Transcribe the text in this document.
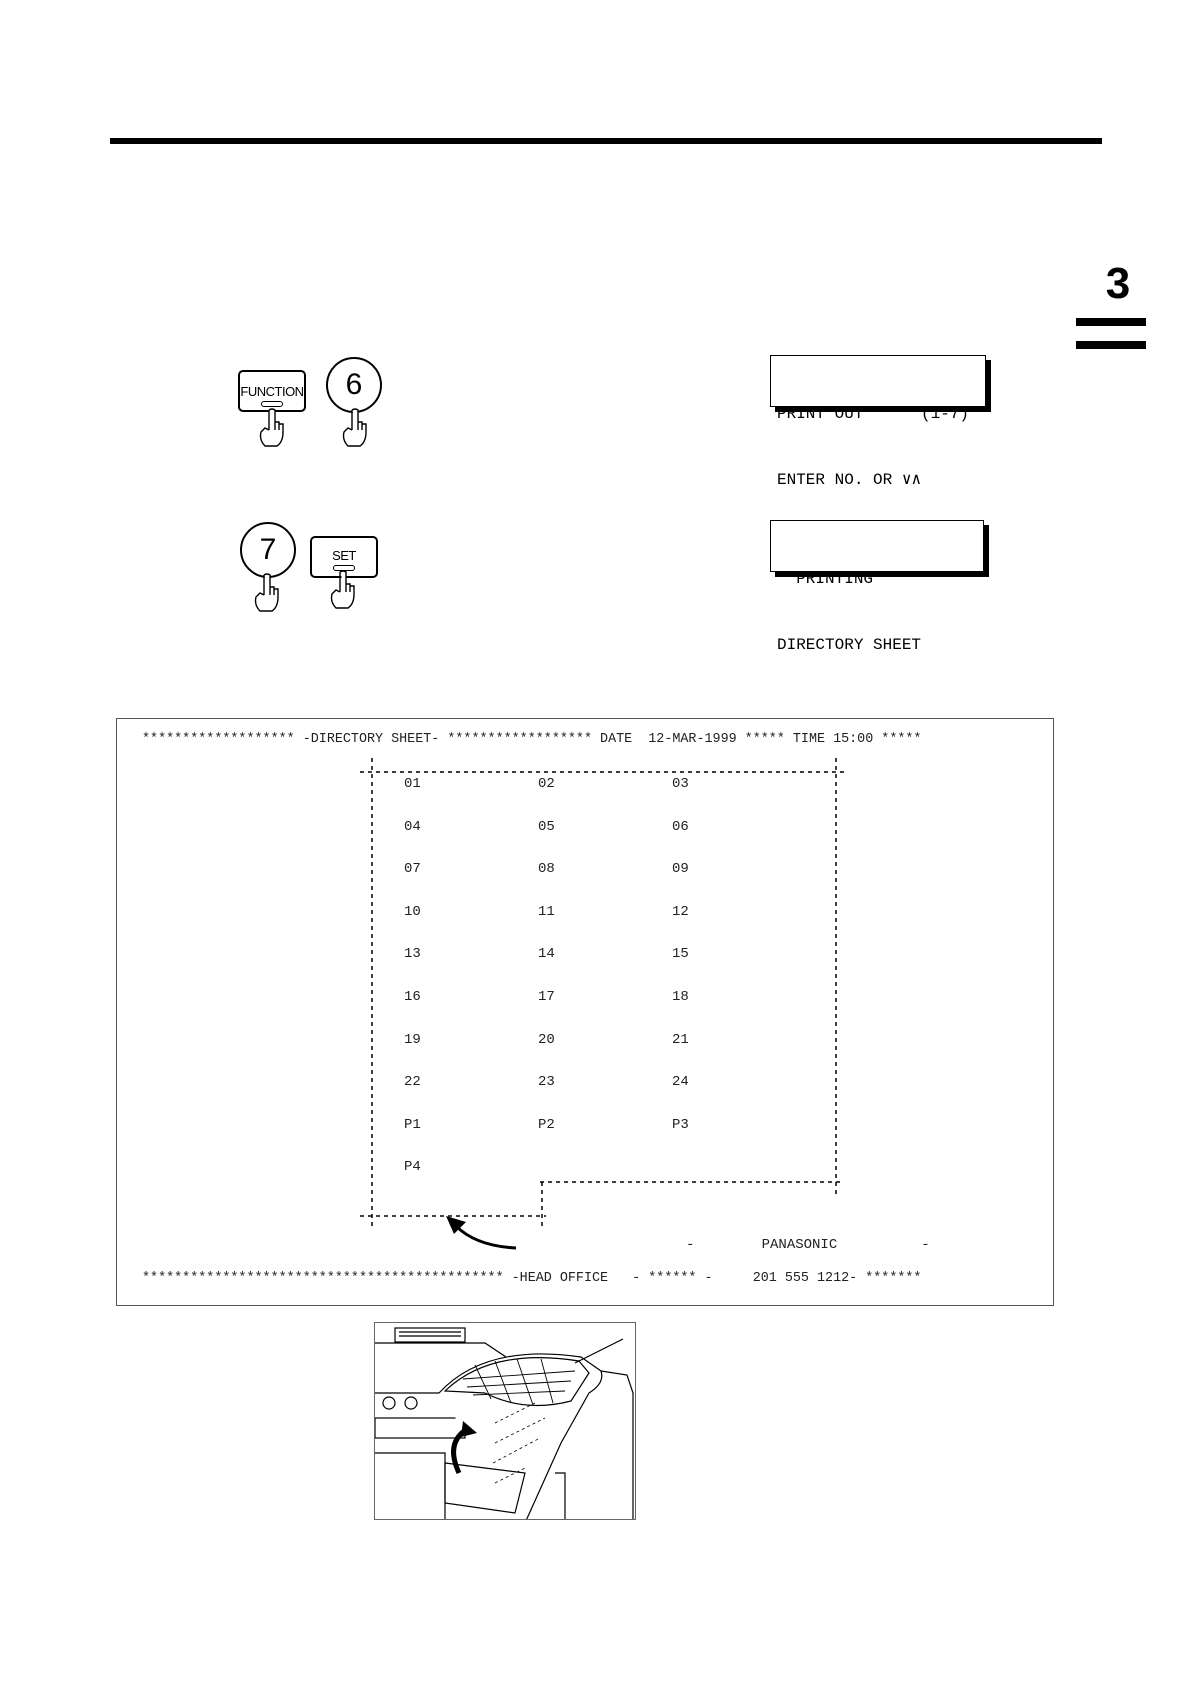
3
FUNCTION	6

PRINT OUT      (1-7)

ENTER NO. OR ∨∧

7	SET

* PRINTING *

DIRECTORY SHEET

******************* -DIRECTORY SHEET- ****************** DATE  12-MAR-1999 ***** TIME 15:00 *****
01	02	03
04	05	06
07	08	09
10	11	12
13	14	15
16	17	18
19	20	21
22	23	24
P1	P2	P3
P4
-        PANASONIC          -
********************************************* -HEAD OFFICE   - ****** -     201 555 1212- *******
